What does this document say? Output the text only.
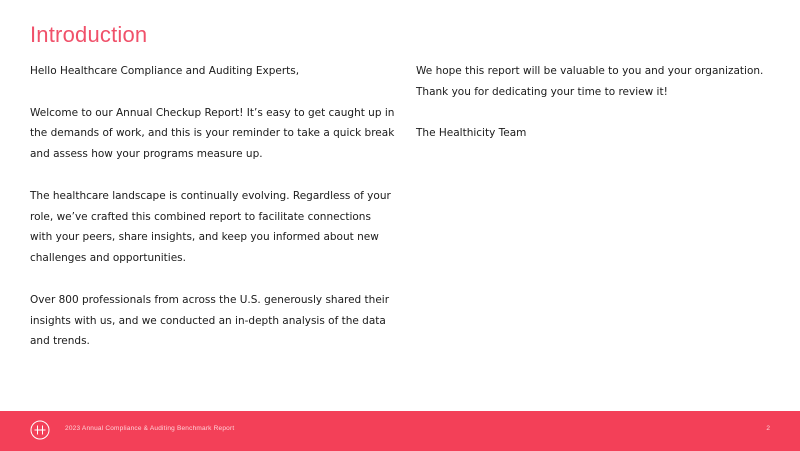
Introduction

Hello Healthcare Compliance and Auditing Experts,

Welcome to our Annual Checkup Report! It’s easy to get caught up in the demands of work, and this is your reminder to take a quick break and assess how your programs measure up.

The healthcare landscape is continually evolving. Regardless of your role, we’ve crafted this combined report to facilitate connections with your peers, share insights, and keep you informed about new challenges and opportunities.

Over 800 professionals from across the U.S. generously shared their insights with us, and we conducted an in-depth analysis of the data and trends.

We hope this report will be valuable to you and your organization. Thank you for dedicating your time to review it!

The Healthicity Team

2023 Annual Compliance & Auditing Benchmark Report	2
